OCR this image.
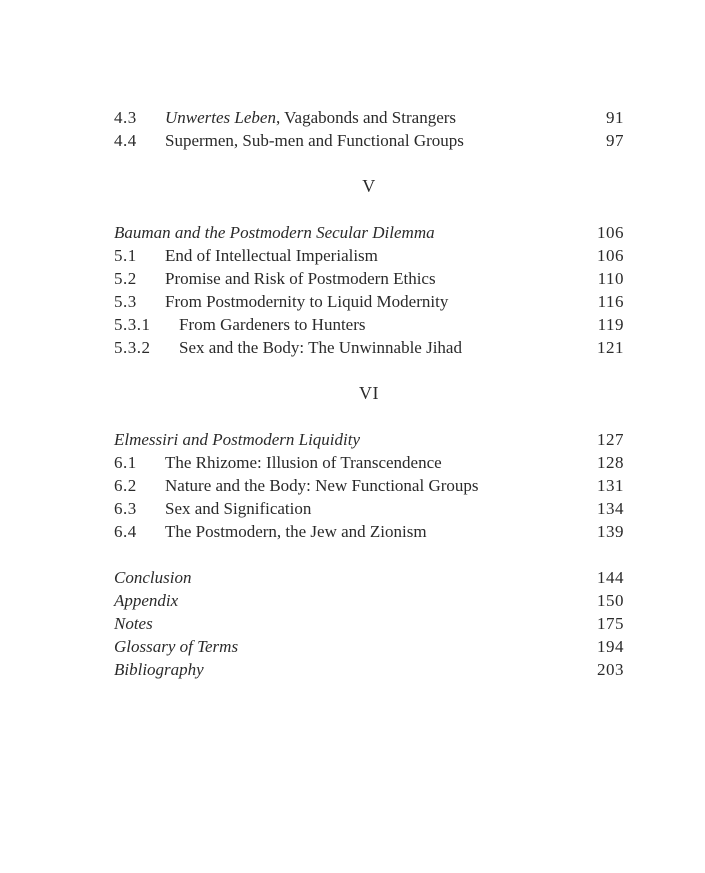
4.3 Unwertes Leben, Vagabonds and Strangers	91
4.4 Supermen, Sub-men and Functional Groups	97
V
Bauman and the Postmodern Secular Dilemma	106
5.1 End of Intellectual Imperialism	106
5.2 Promise and Risk of Postmodern Ethics	110
5.3 From Postmodernity to Liquid Modernity	116
5.3.1 From Gardeners to Hunters	119
5.3.2 Sex and the Body: The Unwinnable Jihad	121
VI
Elmessiri and Postmodern Liquidity	127
6.1 The Rhizome: Illusion of Transcendence	128
6.2 Nature and the Body: New Functional Groups	131
6.3 Sex and Signification	134
6.4 The Postmodern, the Jew and Zionism	139
Conclusion	144
Appendix	150
Notes	175
Glossary of Terms	194
Bibliography	203
